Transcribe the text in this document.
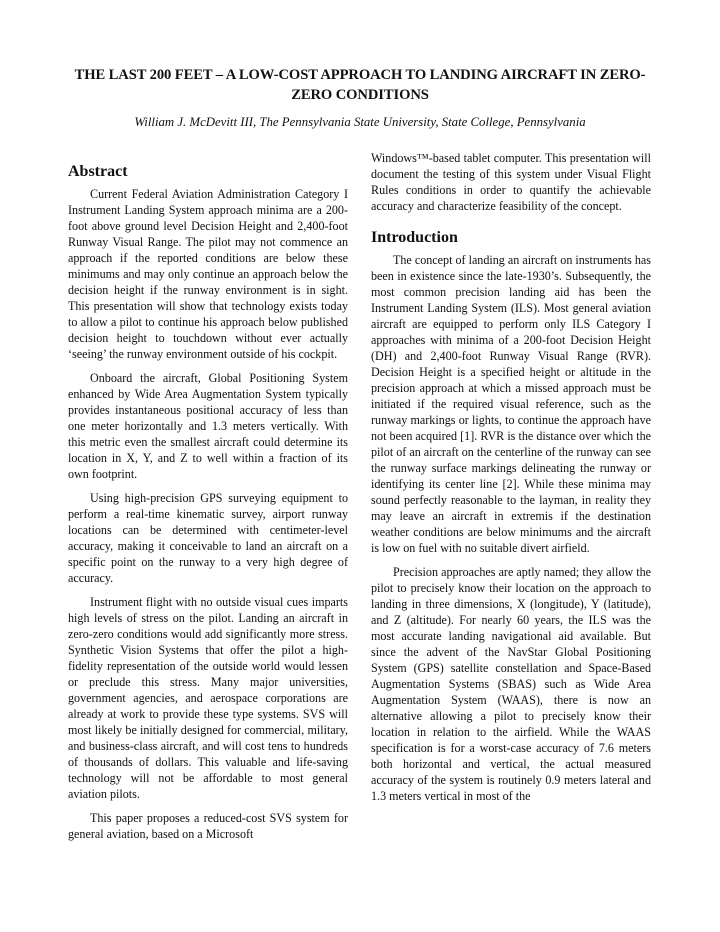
THE LAST 200 FEET – A LOW-COST APPROACH TO LANDING AIRCRAFT IN ZERO-ZERO CONDITIONS
William J. McDevitt III, The Pennsylvania State University, State College, Pennsylvania
Abstract

Current Federal Aviation Administration Category I Instrument Landing System approach minima are a 200-foot above ground level Decision Height and 2,400-foot Runway Visual Range. The pilot may not commence an approach if the reported conditions are below these minimums and may only continue an approach below the decision height if the runway environment is in sight. This presentation will show that technology exists today to allow a pilot to continue his approach below published decision height to touchdown without ever actually ‘seeing’ the runway environment outside of his cockpit.

Onboard the aircraft, Global Positioning System enhanced by Wide Area Augmentation System typically provides instantaneous positional accuracy of less than one meter horizontally and 1.3 meters vertically. With this metric even the smallest aircraft could determine its location in X, Y, and Z to well within a fraction of its own footprint.

Using high-precision GPS surveying equipment to perform a real-time kinematic survey, airport runway locations can be determined with centimeter-level accuracy, making it conceivable to land an aircraft on a specific point on the runway to a very high degree of accuracy.

Instrument flight with no outside visual cues imparts high levels of stress on the pilot. Landing an aircraft in zero-zero conditions would add significantly more stress. Synthetic Vision Systems that offer the pilot a high-fidelity representation of the outside world would lessen or preclude this stress. Many major universities, government agencies, and aerospace corporations are already at work to provide these type systems. SVS will most likely be initially designed for commercial, military, and business-class aircraft, and will cost tens to hundreds of thousands of dollars. This valuable and life-saving technology will not be affordable to most general aviation pilots.

This paper proposes a reduced-cost SVS system for general aviation, based on a Microsoft

Windows™-based tablet computer. This presentation will document the testing of this system under Visual Flight Rules conditions in order to quantify the achievable accuracy and characterize feasibility of the concept.

Introduction

The concept of landing an aircraft on instruments has been in existence since the late-1930’s. Subsequently, the most common precision landing aid has been the Instrument Landing System (ILS). Most general aviation aircraft are equipped to perform only ILS Category I approaches with minima of a 200-foot Decision Height (DH) and 2,400-foot Runway Visual Range (RVR). Decision Height is a specified height or altitude in the precision approach at which a missed approach must be initiated if the required visual reference, such as the runway markings or lights, to continue the approach have not been acquired [1]. RVR is the distance over which the pilot of an aircraft on the centerline of the runway can see the runway surface markings delineating the runway or identifying its center line [2]. While these minima may sound perfectly reasonable to the layman, in reality they may leave an aircraft in extremis if the destination weather conditions are below minimums and the aircraft is low on fuel with no suitable divert airfield.

Precision approaches are aptly named; they allow the pilot to precisely know their location on the approach to landing in three dimensions, X (longitude), Y (latitude), and Z (altitude). For nearly 60 years, the ILS was the most accurate landing navigational aid available. But since the advent of the NavStar Global Positioning System (GPS) satellite constellation and Space-Based Augmentation Systems (SBAS) such as Wide Area Augmentation System (WAAS), there is now an alternative allowing a pilot to precisely know their location in relation to the airfield. While the WAAS specification is for a worst-case accuracy of 7.6 meters both horizontal and vertical, the actual measured accuracy of the system is routinely 0.9 meters lateral and 1.3 meters vertical in most of the
